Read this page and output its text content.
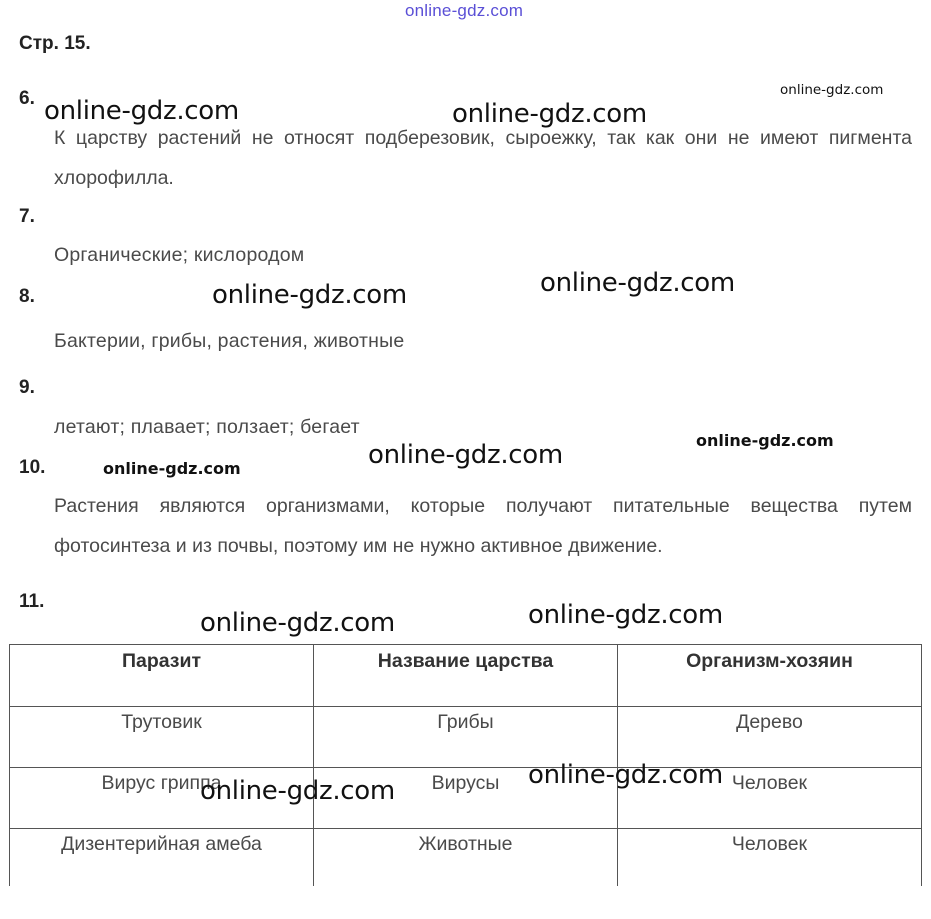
online-gdz.com
Стр. 15.
6.
К царству растений не относят подберезовик, сыроежку, так как они не имеют пигмента хлорофилла.
7.
Органические; кислородом
8.
Бактерии, грибы, растения, животные
9.
летают; плавает; ползает; бегает
10.
Растения являются организмами, которые получают питательные вещества путем фотосинтеза и из почвы, поэтому им не нужно активное движение.
11.
Паразит	Название царства	Организм-хозяин
Трутовик	Грибы	Дерево
Вирус гриппа	Вирусы	Человек
Дизентерийная амеба	Животные	Человек
online-gdz.com	online-gdz.com
online-gdz.com
online-gdz.com	online-gdz.com
online-gdz.com
online-gdz.com
online-gdz.com
online-gdz.com	online-gdz.com
online-gdz.com
online-gdz.com
